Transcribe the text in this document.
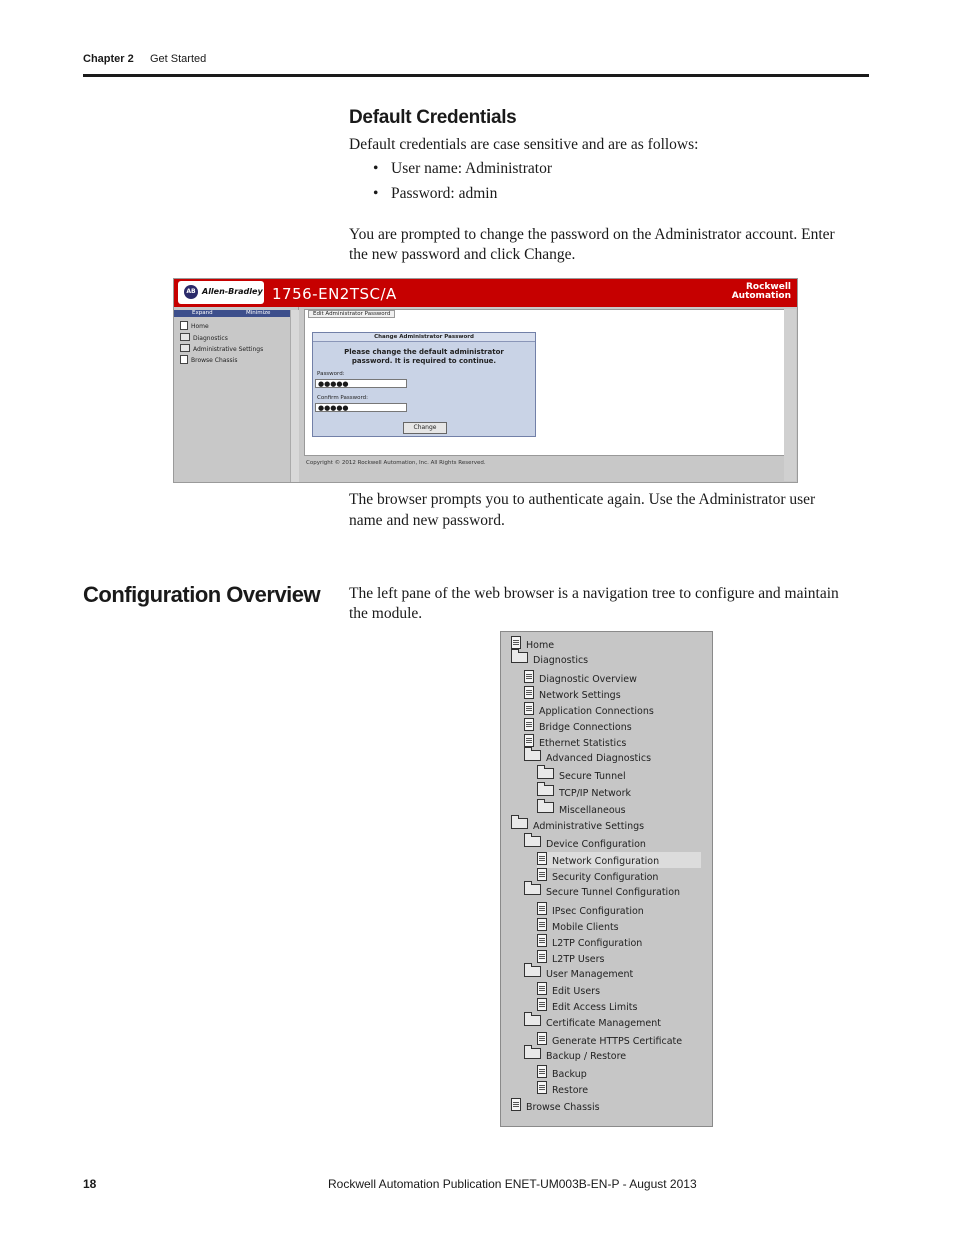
Chapter 2 Get Started
Default Credentials
Default credentials are case sensitive and are as follows:
• User name: Administrator
• Password: admin
You are prompted to change the password on the Administrator account. Enter
the new password and click Change.
AB Allen-Bradley 1756-EN2TSC/A	Rockwell
Automation
Expand	Minimize
Home
Diagnostics
Administrative Settings
Browse Chassis
Edit Administrator Password
Change Administrator Password
Please change the default administrator
password. It is required to continue.
Password:
●●●●●
Confirm Password:
●●●●●
Change
Copyright © 2012 Rockwell Automation, Inc. All Rights Reserved.
The browser prompts you to authenticate again. Use the Administrator user
name and new password.
Configuration Overview The left pane of the web browser is a navigation tree to configure and maintain
the module.
Home
Diagnostics
Diagnostic Overview
Network Settings
Application Connections
Bridge Connections
Ethernet Statistics
Advanced Diagnostics
Secure Tunnel
TCP/IP Network
Miscellaneous
Administrative Settings
Device Configuration
Network Configuration
Security Configuration
Secure Tunnel Configuration
IPsec Configuration
Mobile Clients
L2TP Configuration
L2TP Users
User Management
Edit Users
Edit Access Limits
Certificate Management
Generate HTTPS Certificate
Backup / Restore
Backup
Restore
Browse Chassis
18	Rockwell Automation Publication ENET-UM003B-EN-P - August 2013
